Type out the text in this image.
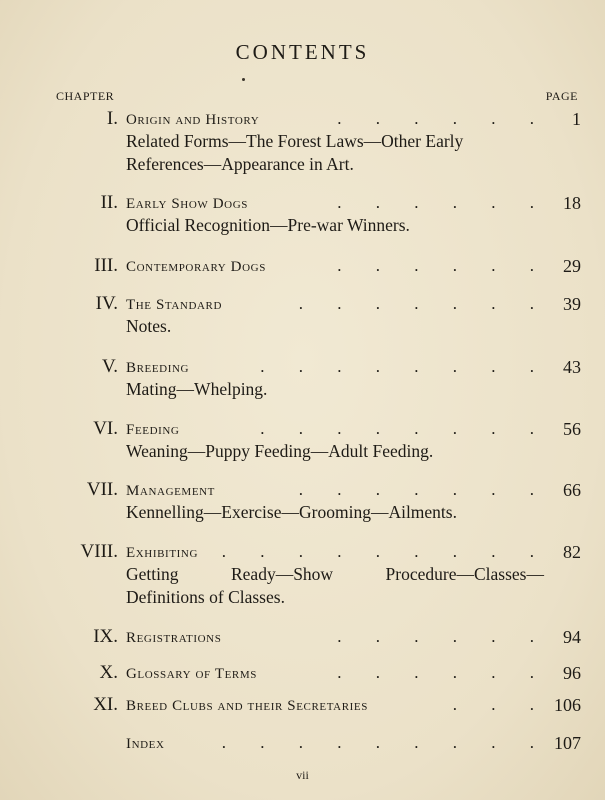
CONTENTS
CHAPTER	PAGE
I. Origin and History	. . . . . . 1
Related Forms—The Forest Laws—Other Early
References—Appearance in Art.
II. Early Show Dogs	. . . . . . 18
Official Recognition—Pre-war Winners.
III. Contemporary Dogs	. . . . . . 29
IV. The Standard	. . . . . . . 39
Notes.
V. Breeding	. . . . . . . . 43
Mating—Whelping.
VI. Feeding	. . . . . . . . 56
Weaning—Puppy Feeding—Adult Feeding.
VII. Management	. . . . . . . 66
Kennelling—Exercise—Grooming—Ailments.
VIII. Exhibiting . . . . . . . . . 82
Getting Ready—Show Procedure—Classes—
Definitions of Classes.
IX. Registrations	. . . . . . 94
X. Glossary of Terms	. . . . . . 96
XI. Breed Clubs and their Secretaries	. . . 106
Index	. . . . . . . . . 107
vii
